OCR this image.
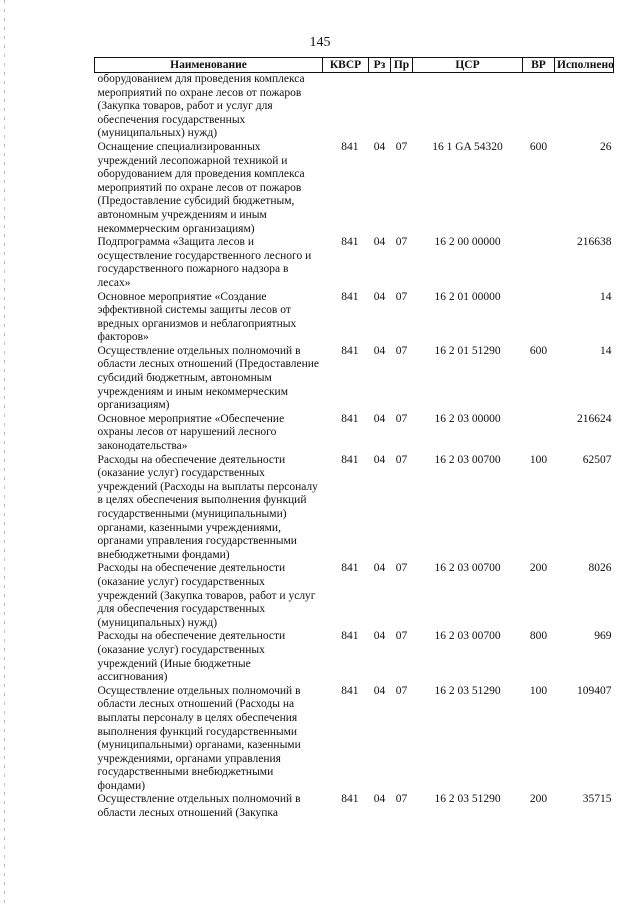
145
Наименование	КВСР	Рз	Пр	ЦСР	ВР	Исполнено
оборудованием для проведения комплекса мероприятий по охране лесов от пожаров (Закупка товаров, работ и услуг для обеспечения государственных (муниципальных) нужд)						
Оснащение специализированных учреждений лесопожарной техникой и оборудованием для проведения комплекса мероприятий по охране лесов от пожаров (Предоставление субсидий бюджетным, автономным учреждениям и иным некоммерческим организациям)	841	04	07	16 1 GA 54320	600	26
Подпрограмма «Защита лесов и осуществление государственного лесного и государственного пожарного надзора в лесах»	841	04	07	16 2 00 00000		216638
Основное мероприятие «Создание эффективной системы защиты лесов от вредных организмов и неблагоприятных факторов»	841	04	07	16 2 01 00000		14
Осуществление отдельных полномочий в области лесных отношений (Предоставление субсидий бюджетным, автономным учреждениям и иным некоммерческим организациям)	841	04	07	16 2 01 51290	600	14
Основное мероприятие «Обеспечение охраны лесов от нарушений лесного законодательства»	841	04	07	16 2 03 00000		216624
Расходы на обеспечение деятельности (оказание услуг) государственных учреждений (Расходы на выплаты персоналу в целях обеспечения выполнения функций государственными (муниципальными) органами, казенными учреждениями, органами управления государственными внебюджетными фондами)	841	04	07	16 2 03 00700	100	62507
Расходы на обеспечение деятельности (оказание услуг) государственных учреждений (Закупка товаров, работ и услуг для обеспечения государственных (муниципальных) нужд)	841	04	07	16 2 03 00700	200	8026
Расходы на обеспечение деятельности (оказание услуг) государственных учреждений (Иные бюджетные ассигнования)	841	04	07	16 2 03 00700	800	969
Осуществление отдельных полномочий в области лесных отношений (Расходы на выплаты персоналу в целях обеспечения выполнения функций государственными (муниципальными) органами, казенными учреждениями, органами управления государственными внебюджетными фондами)	841	04	07	16 2 03 51290	100	109407
Осуществление отдельных полномочий в области лесных отношений (Закупка	841	04	07	16 2 03 51290	200	35715
